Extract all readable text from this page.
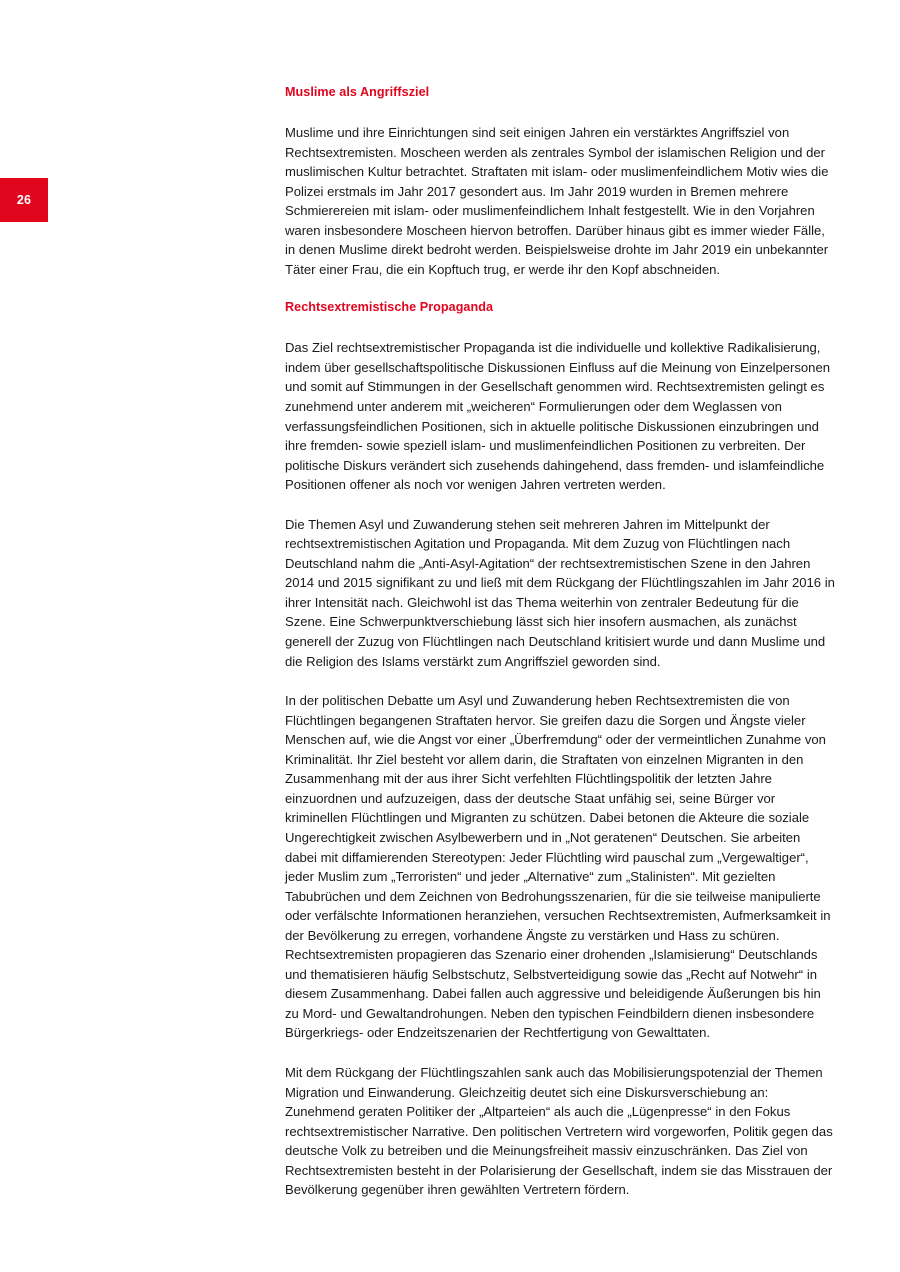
26
Muslime als Angriffsziel

Muslime und ihre Einrichtungen sind seit einigen Jahren ein verstärktes Angriffsziel von Rechtsextremisten. Moscheen werden als zentrales Symbol der islamischen Religion und der muslimischen Kultur betrachtet. Straftaten mit islam- oder muslimenfeindlichem Motiv wies die Polizei erstmals im Jahr 2017 gesondert aus. Im Jahr 2019 wurden in Bremen mehrere Schmierereien mit islam- oder muslimenfeindlichem Inhalt festgestellt. Wie in den Vorjahren waren insbesondere Moscheen hiervon betroffen. Darüber hinaus gibt es immer wieder Fälle, in denen Muslime direkt bedroht werden. Beispielsweise drohte im Jahr 2019 ein unbekannter Täter einer Frau, die ein Kopftuch trug, er werde ihr den Kopf abschneiden.

Rechtsextremistische Propaganda

Das Ziel rechtsextremistischer Propaganda ist die individuelle und kollektive Radikalisierung, indem über gesellschaftspolitische Diskussionen Einfluss auf die Meinung von Einzelpersonen und somit auf Stimmungen in der Gesellschaft genommen wird. Rechtsextremisten gelingt es zunehmend unter anderem mit „weicheren“ Formulierungen oder dem Weglassen von verfassungsfeindlichen Positionen, sich in aktuelle politische Diskussionen einzubringen und ihre fremden- sowie speziell islam- und muslimenfeindlichen Positionen zu verbreiten. Der politische Diskurs verändert sich zusehends dahingehend, dass fremden- und islamfeindliche Positionen offener als noch vor wenigen Jahren vertreten werden.

Die Themen Asyl und Zuwanderung stehen seit mehreren Jahren im Mittelpunkt der rechtsextremistischen Agitation und Propaganda. Mit dem Zuzug von Flüchtlingen nach Deutschland nahm die „Anti-Asyl-Agitation“ der rechtsextremistischen Szene in den Jahren 2014 und 2015 signifikant zu und ließ mit dem Rückgang der Flüchtlingszahlen im Jahr 2016 in ihrer Intensität nach. Gleichwohl ist das Thema weiterhin von zentraler Bedeutung für die Szene. Eine Schwerpunktverschiebung lässt sich hier insofern ausmachen, als zunächst generell der Zuzug von Flüchtlingen nach Deutschland kritisiert wurde und dann Muslime und die Religion des Islams verstärkt zum Angriffsziel geworden sind.

In der politischen Debatte um Asyl und Zuwanderung heben Rechtsextremisten die von Flüchtlingen begangenen Straftaten hervor. Sie greifen dazu die Sorgen und Ängste vieler Menschen auf, wie die Angst vor einer „Überfremdung“ oder der vermeintlichen Zunahme von Kriminalität. Ihr Ziel besteht vor allem darin, die Straftaten von einzelnen Migranten in den Zusammenhang mit der aus ihrer Sicht verfehlten Flüchtlingspolitik der letzten Jahre einzuordnen und aufzuzeigen, dass der deutsche Staat unfähig sei, seine Bürger vor kriminellen Flüchtlingen und Migranten zu schützen. Dabei betonen die Akteure die soziale Ungerechtigkeit zwischen Asylbewerbern und in „Not geratenen“ Deutschen. Sie arbeiten dabei mit diffamierenden Stereotypen: Jeder Flüchtling wird pauschal zum „Vergewaltiger“, jeder Muslim zum „Terroristen“ und jeder „Alternative“ zum „Stalinisten“. Mit gezielten Tabubrüchen und dem Zeichnen von Bedrohungsszenarien, für die sie teilweise manipulierte oder verfälschte Informationen heranziehen, versuchen Rechtsextremisten, Aufmerksamkeit in der Bevölkerung zu erregen, vorhandene Ängste zu verstärken und Hass zu schüren. Rechtsextremisten propagieren das Szenario einer drohenden „Islamisierung“ Deutschlands und thematisieren häufig Selbstschutz, Selbstverteidigung sowie das „Recht auf Notwehr“ in diesem Zusammenhang. Dabei fallen auch aggressive und beleidigende Äußerungen bis hin zu Mord- und Gewaltandrohungen. Neben den typischen Feindbildern dienen insbesondere Bürgerkriegs- oder Endzeitszenarien der Rechtfertigung von Gewalttaten.

Mit dem Rückgang der Flüchtlingszahlen sank auch das Mobilisierungspotenzial der Themen Migration und Einwanderung. Gleichzeitig deutet sich eine Diskursverschiebung an: Zunehmend geraten Politiker der „Altparteien“ als auch die „Lügenpresse“ in den Fokus rechtsextremistischer Narrative. Den politischen Vertretern wird vorgeworfen, Politik gegen das deutsche Volk zu betreiben und die Meinungsfreiheit massiv einzuschränken. Das Ziel von Rechtsextremisten besteht in der Polarisierung der Gesellschaft, indem sie das Misstrauen der Bevölkerung gegenüber ihren gewählten Vertretern fördern.
